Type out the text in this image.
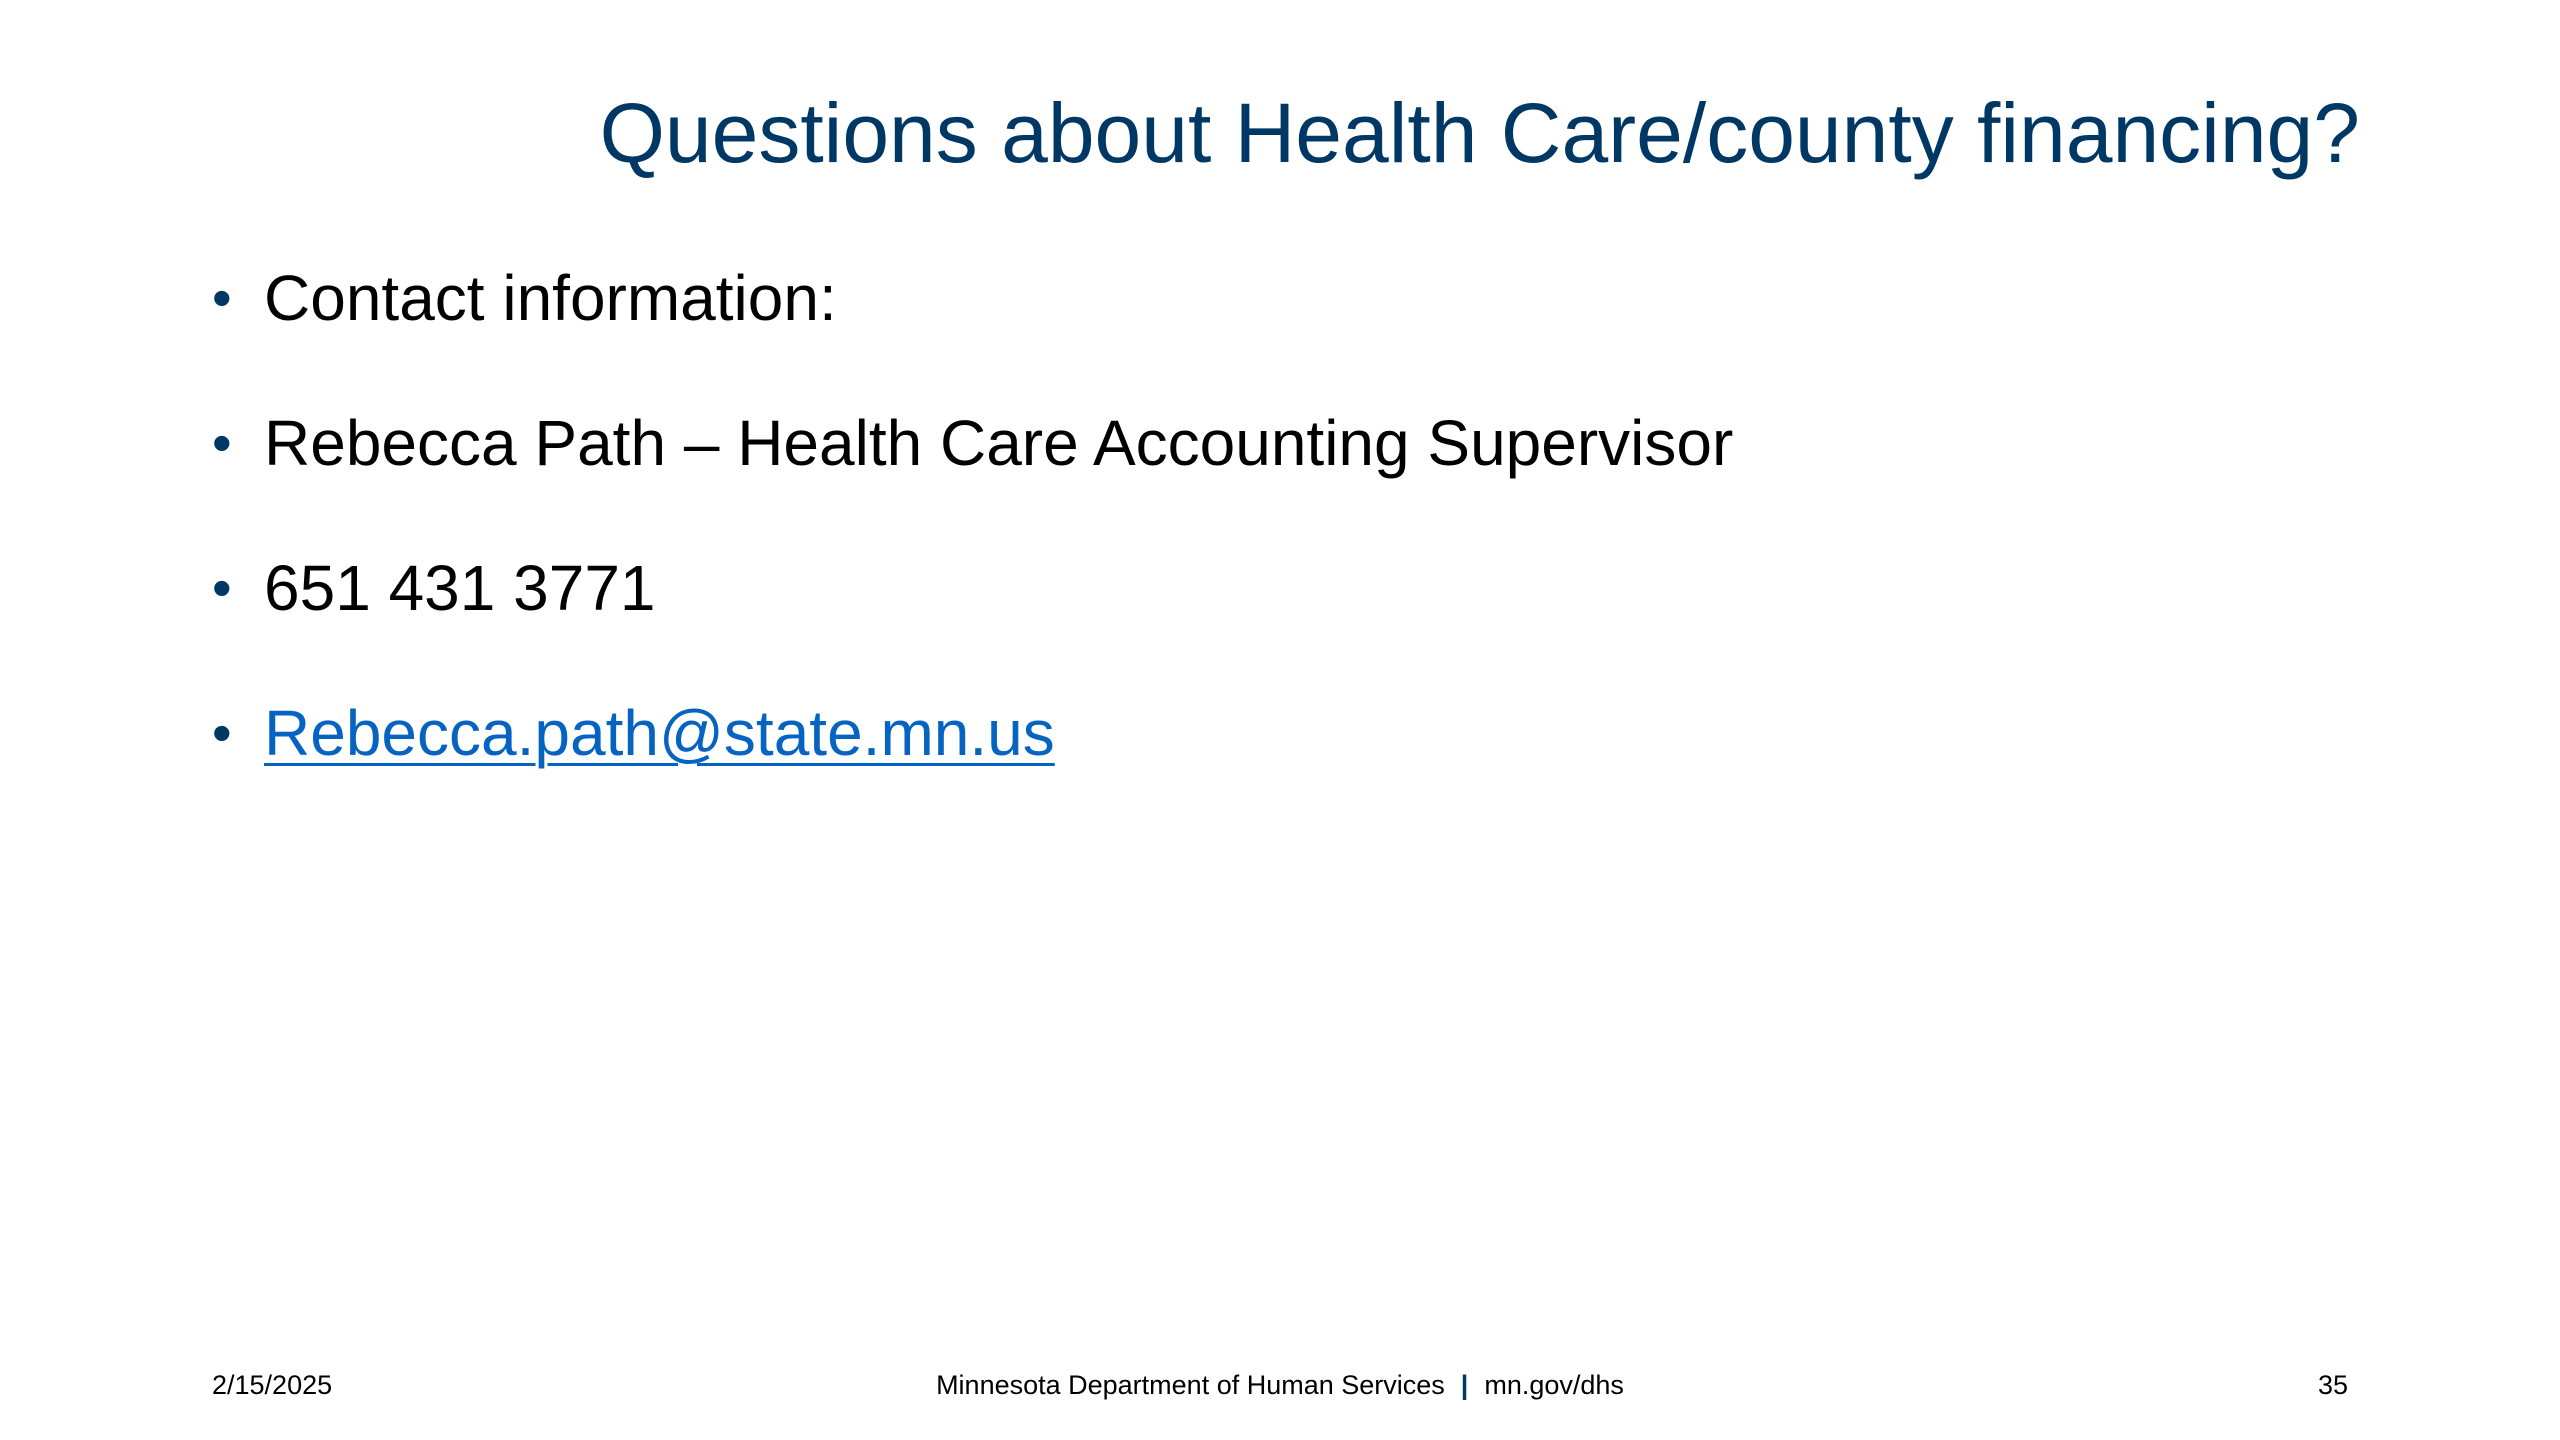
Questions about Health Care/county financing?
• Contact information:
• Rebecca Path – Health Care Accounting Supervisor
• 651 431 3771
• Rebecca.path@state.mn.us
2/15/2025	Minnesota Department of Human Services | mn.gov/dhs	35
